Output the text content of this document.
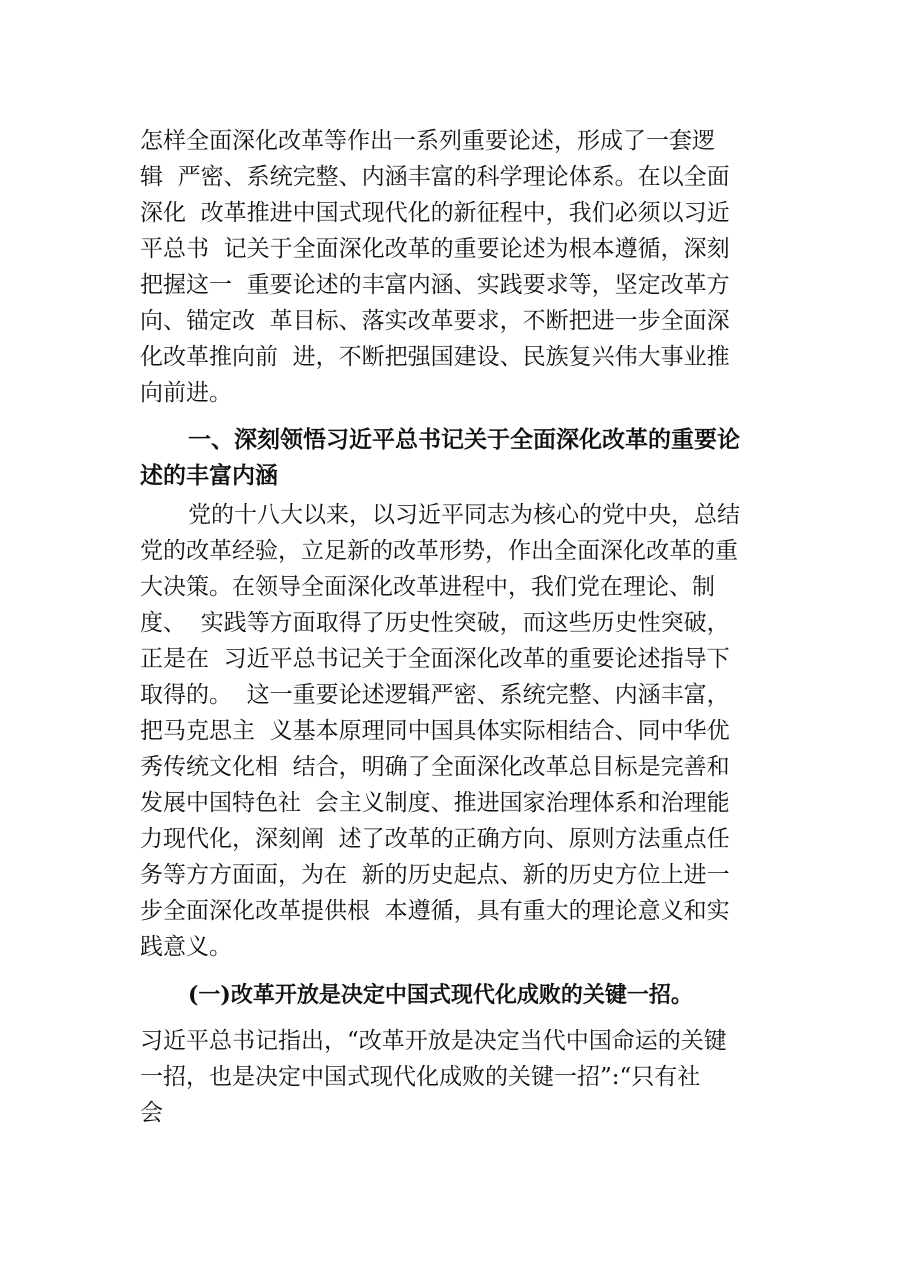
怎样全面深化改革等作出一系列重要论述，形成了一套逻
辑  严密、系统完整、内涵丰富的科学理论体系。在以全面
深化  改革推进中国式现代化的新征程中，我们必须以习近
平总书  记关于全面深化改革的重要论述为根本遵循，深刻
把握这一  重要论述的丰富内涵、实践要求等，坚定改革方
向、锚定改  革目标、落实改革要求，不断把进一步全面深
化改革推向前  进，不断把强国建设、民族复兴伟大事业推
向前进。
一、深刻领悟习近平总书记关于全面深化改革的重要论
述的丰富内涵
党的十八大以来，以习近平同志为核心的党中央，总结
党的改革经验，立足新的改革形势，作出全面深化改革的重
大决策。在领导全面深化改革进程中，我们党在理论、制
度、  实践等方面取得了历史性突破，而这些历史性突破，
正是在  习近平总书记关于全面深化改革的重要论述指导下
取得的。  这一重要论述逻辑严密、系统完整、内涵丰富，
把马克思主  义基本原理同中国具体实际相结合、同中华优
秀传统文化相  结合，明确了全面深化改革总目标是完善和
发展中国特色社  会主义制度、推进国家治理体系和治理能
力现代化，深刻阐  述了改革的正确方向、原则方法重点任
务等方方面面，为在  新的历史起点、新的历史方位上进一
步全面深化改革提供根  本遵循，具有重大的理论意义和实
践意义。
(一)改革开放是决定中国式现代化成败的关键一招。
习近平总书记指出，“改革开放是决定当代中国命运的关键
一招，也是决定中国式现代化成败的关键一招”:“只有社
会
